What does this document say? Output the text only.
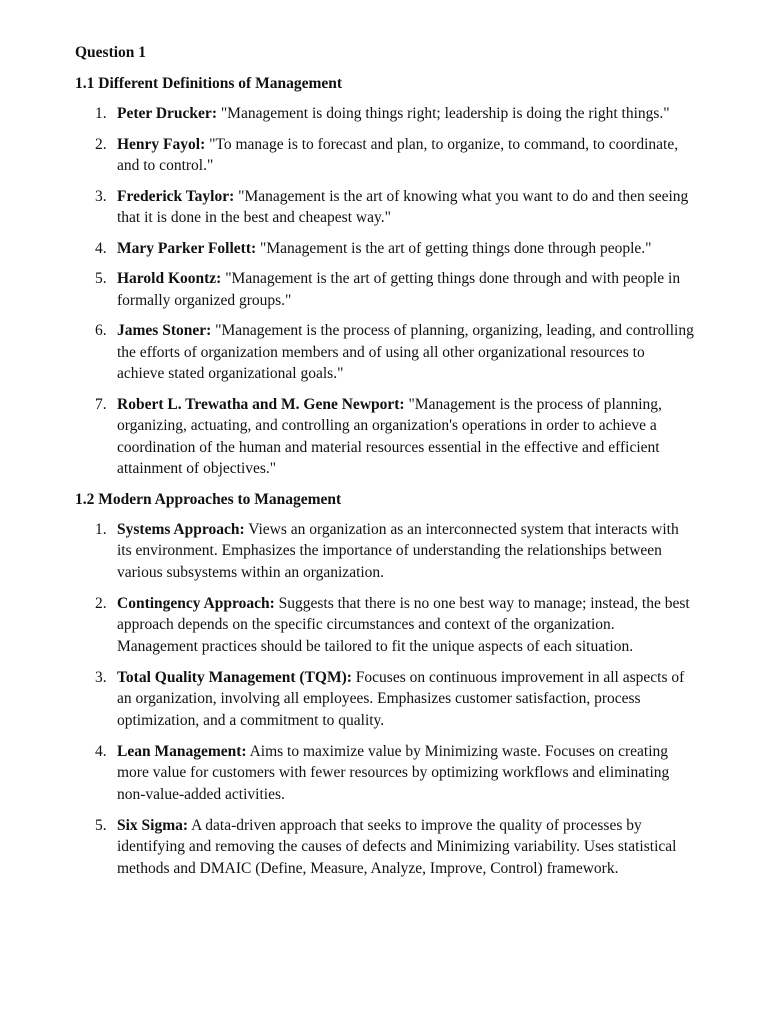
Question 1
1.1 Different Definitions of Management
1. Peter Drucker: "Management is doing things right; leadership is doing the right things."
2. Henry Fayol: "To manage is to forecast and plan, to organize, to command, to coordinate, and to control."
3. Frederick Taylor: "Management is the art of knowing what you want to do and then seeing that it is done in the best and cheapest way."
4. Mary Parker Follett: "Management is the art of getting things done through people."
5. Harold Koontz: "Management is the art of getting things done through and with people in formally organized groups."
6. James Stoner: "Management is the process of planning, organizing, leading, and controlling the efforts of organization members and of using all other organizational resources to achieve stated organizational goals."
7. Robert L. Trewatha and M. Gene Newport: "Management is the process of planning, organizing, actuating, and controlling an organization's operations in order to achieve a coordination of the human and material resources essential in the effective and efficient attainment of objectives."
1.2 Modern Approaches to Management
1. Systems Approach: Views an organization as an interconnected system that interacts with its environment. Emphasizes the importance of understanding the relationships between various subsystems within an organization.
2. Contingency Approach: Suggests that there is no one best way to manage; instead, the best approach depends on the specific circumstances and context of the organization. Management practices should be tailored to fit the unique aspects of each situation.
3. Total Quality Management (TQM): Focuses on continuous improvement in all aspects of an organization, involving all employees. Emphasizes customer satisfaction, process optimization, and a commitment to quality.
4. Lean Management: Aims to maximize value by Minimizing waste. Focuses on creating more value for customers with fewer resources by optimizing workflows and eliminating non-value-added activities.
5. Six Sigma: A data-driven approach that seeks to improve the quality of processes by identifying and removing the causes of defects and Minimizing variability. Uses statistical methods and DMAIC (Define, Measure, Analyze, Improve, Control) framework.
